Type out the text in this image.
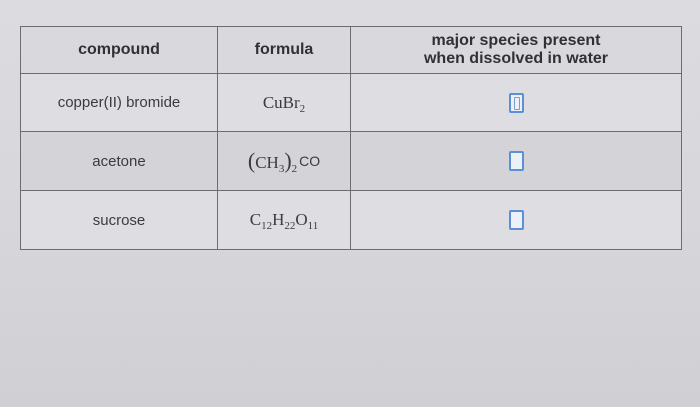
compound	formula	major species present
when dissolved in water

copper(II) bromide	CuBr$_2$	
acetone	$(CH_3)_2$ CO	
sucrose	$C_{12}H_{22}O_{11}$	
